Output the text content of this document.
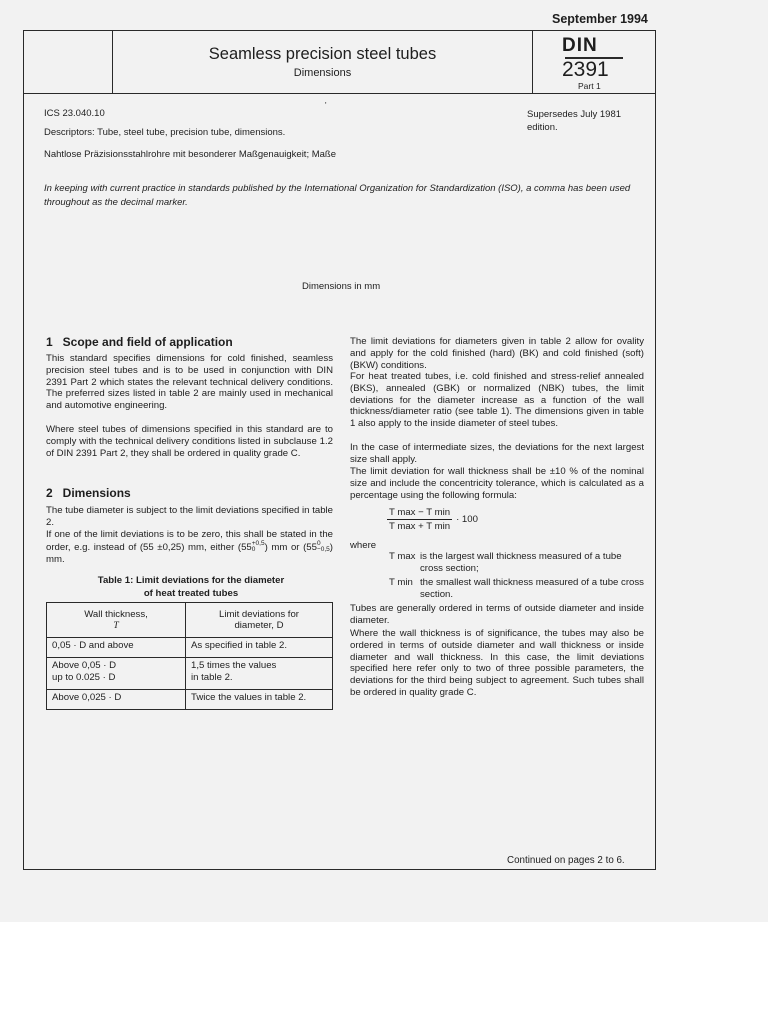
September 1994
Seamless precision steel tubes
Dimensions
DIN
2391
Part 1
ICS 23.040.10
Descriptors: Tube, steel tube, precision tube, dimensions.
Nahtlose Präzisionsstahlrohre mit besonderer Maßgenauigkeit; Maße
Supersedes July 1981 edition.
'
In keeping with current practice in standards published by the International Organization for Standardization (ISO), a comma has been used throughout as the decimal marker.
Dimensions in mm
1   Scope and field of application
This standard specifies dimensions for cold finished, seamless precision steel tubes and is to be used in conjunction with DIN 2391 Part 2 which states the relevant technical delivery conditions. The preferred sizes listed in table 2 are mainly used in mechanical and automotive engineering.
Where steel tubes of dimensions specified in this standard are to comply with the technical delivery conditions listed in subclause 1.2 of DIN 2391 Part 2, they shall be ordered in quality grade C.
2   Dimensions
The tube diameter is subject to the limit deviations specified in table 2.
If one of the limit deviations is to be zero, this shall be stated in the order, e.g. instead of (55 ±0,25) mm, either (55 +0,5
0 ) mm or (55 0
−0,5 ) mm.
Table 1: Limit deviations for the diameter
of heat treated tubes
Wall thickness,
T	Limit deviations for
diameter, D
0,05 · D and above	As specified in table 2.
Above 0,05 · D
up to 0.025 · D	1,5 times the values
in table 2.
Above 0,025 · D	Twice the values in table 2.
The limit deviations for diameters given in table 2 allow for ovality and apply for the cold finished (hard) (BK) and cold finished (soft) (BKW) conditions.
For heat treated tubes, i.e. cold finished and stress-relief annealed (BKS), annealed (GBK) or normalized (NBK) tubes, the limit deviations for the diameter increase as a function of the wall thickness/diameter ratio (see table 1). The dimensions given in table 1 also apply to the inside diameter of steel tubes.
In the case of intermediate sizes, the deviations for the next largest size shall apply.
The limit deviation for wall thickness shall be ±10 % of the nominal size and include the concentricity tolerance, which is calculated as a percentage using the following formula:
$\frac{\text{T max − T min}}{\text{T max + T min}} \cdot 100$
where
T max is the largest wall thickness measured of a tube cross section;
T min the smallest wall thickness measured of a tube cross section.
Tubes are generally ordered in terms of outside diameter and inside diameter.
Where the wall thickness is of significance, the tubes may also be ordered in terms of outside diameter and wall thickness or inside diameter and wall thickness. In this case, the limit deviations specified here refer only to two of three possible parameters, the deviations for the third being subject to agreement. Such tubes shall be ordered in quality grade C.
Continued on pages 2 to 6.
